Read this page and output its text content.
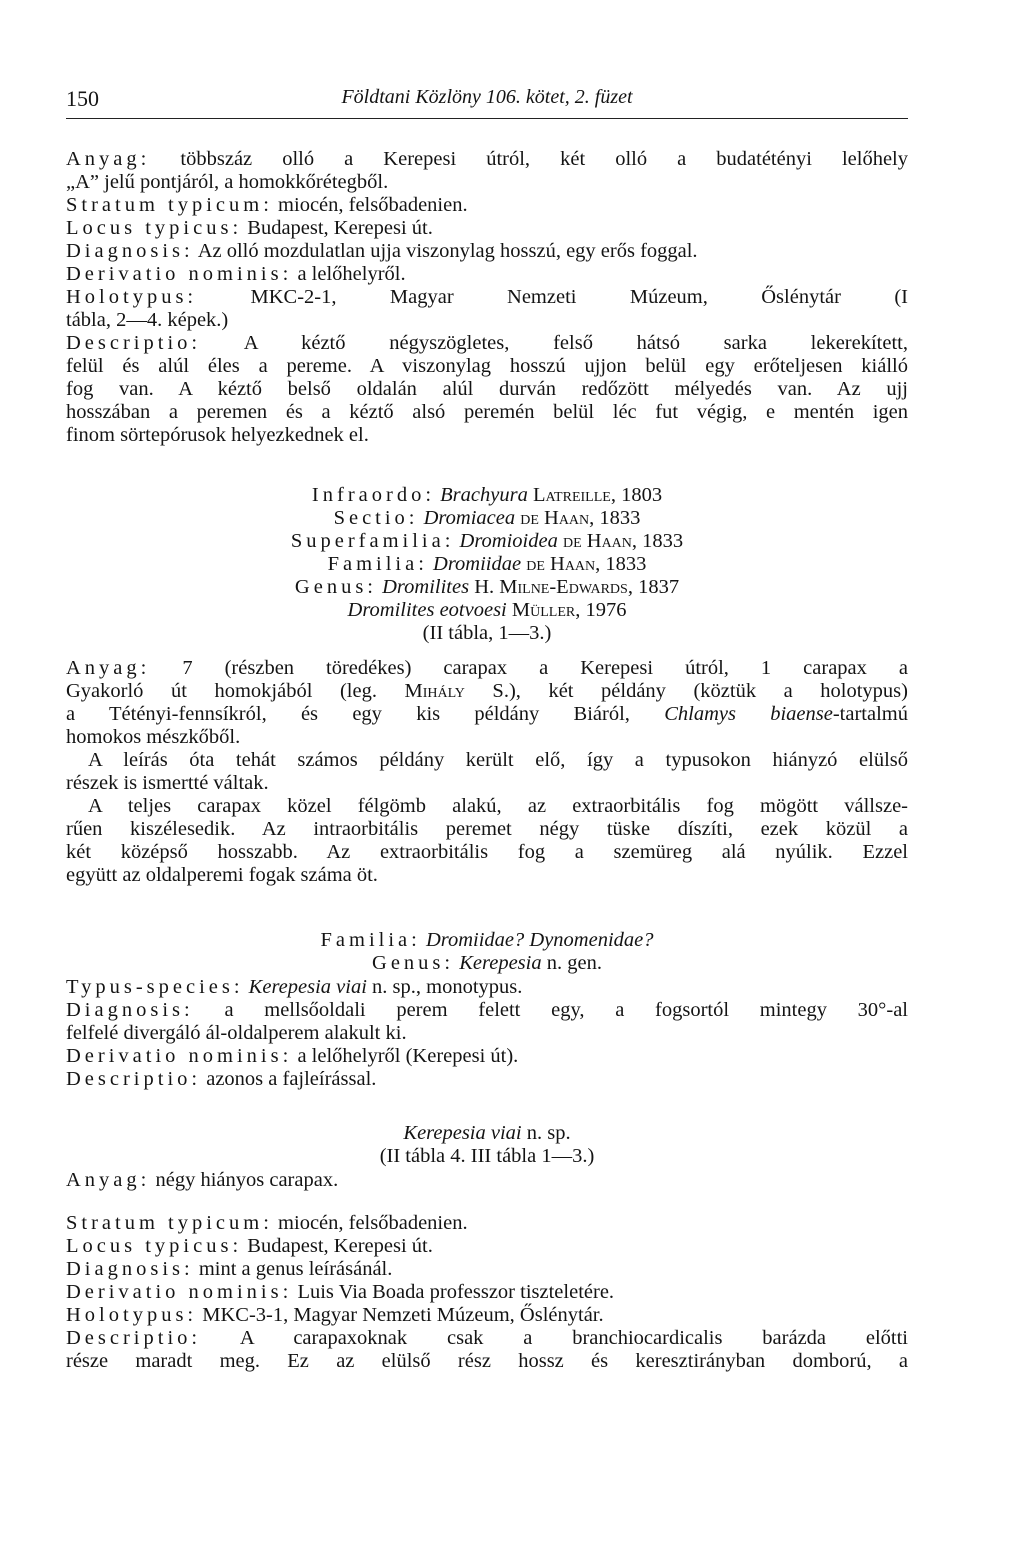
150	Földtani Közlöny 106. kötet, 2. füzet
Anyag: többszáz olló a Kerepesi útról, két olló a budatétényi lelőhely
„A” jelű pontjáról, a homokkőrétegből.
Stratum typicum: miocén, felsőbadenien.
Locus typicus: Budapest, Kerepesi út.
Diagnosis: Az olló mozdulatlan ujja viszonylag hosszú, egy erős foggal.
Derivatio nominis: a lelőhelyről.
Holotypus:	MKC-2-1, Magyar Nemzeti Múzeum, Őslénytár (I
tábla, 2—4. képek.)
Descriptio: A kéztő négyszögletes, felső hátsó sarka lekerekített,
felül és alúl éles a pereme. A viszonylag hosszú ujjon belül egy erőteljesen kiálló
fog van. A kéztő belső oldalán alúl durván redőzött mélyedés van. Az ujj
hosszában a peremen és a kéztő alsó peremén belül léc fut végig, e mentén igen
finom sörtepórusok helyezkednek el.
Infraordo: Brachyura Latreille, 1803
Sectio: Dromiacea de Haan, 1833
Superfamilia: Dromioidea de Haan, 1833
Familia: Dromiidae de Haan, 1833
Genus: Dromilites H. Milne-Edwards, 1837
Dromilites eotvoesi Müller, 1976
(II tábla, 1—3.)
Anyag: 7 (részben töredékes) carapax a Kerepesi útról, 1 carapax a
Gyakorló út homokjából (leg. Mihály S.), két példány (köztük a holotypus)
a Tétényi-fennsíkról, és egy kis példány Biáról, Chlamys biaense-tartalmú
homokos mészkőből.
A leírás óta tehát számos példány került elő, így a typusokon hiányzó elülső
részek is ismertté váltak.
A teljes carapax közel félgömb alakú, az extraorbitális fog mögött vállsze-
rűen kiszélesedik. Az intraorbitális peremet négy tüske díszíti, ezek közül a
két középső hosszabb. Az extraorbitális fog a szemüreg alá nyúlik. Ezzel
együtt az oldalperemi fogak száma öt.
Familia: Dromiidae? Dynomenidae?
Genus: Kerepesia n. gen.
Typus-species: Kerepesia viai n. sp., monotypus.
Diagnosis: a mellsőoldali perem felett egy, a fogsortól mintegy 30°-al
felfelé divergáló ál-oldalperem alakult ki.
Derivatio nominis: a lelőhelyről (Kerepesi út).
Descriptio: azonos a fajleírással.
Kerepesia viai n. sp.
(II tábla 4. III tábla 1—3.)
Anyag: négy hiányos carapax.
Stratum typicum: miocén, felsőbadenien.
Locus typicus: Budapest, Kerepesi út.
Diagnosis: mint a genus leírásánál.
Derivatio nominis: Luis Via Boada professzor tiszteletére.
Holotypus: MKC-3-1, Magyar Nemzeti Múzeum, Őslénytár.
Descriptio: A carapaxoknak csak a branchiocardicalis barázda előtti
része maradt meg. Ez az elülső rész hossz és keresztirányban domború, a
